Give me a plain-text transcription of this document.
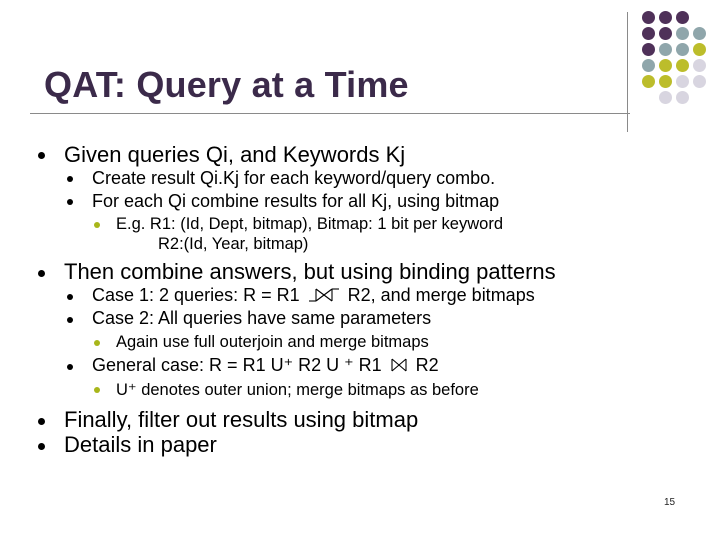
QAT: Query at a Time
Given queries Qi, and Keywords Kj
Create result Qi.Kj for each keyword/query combo.
For each Qi combine results for all Kj, using bitmap
E.g. R1: (Id, Dept, bitmap), Bitmap: 1 bit per keyword
R2:(Id, Year, bitmap)
Then combine answers, but using binding patterns
Case 1: 2 queries: R = R1  R2, and merge bitmaps
Case 2: All queries have same parameters
Again use full outerjoin and merge bitmaps
General case: R = R1 U⁺ R2 U ⁺ R1  R2
U⁺ denotes outer union; merge bitmaps as before
Finally, filter out results using bitmap
Details in paper
15
